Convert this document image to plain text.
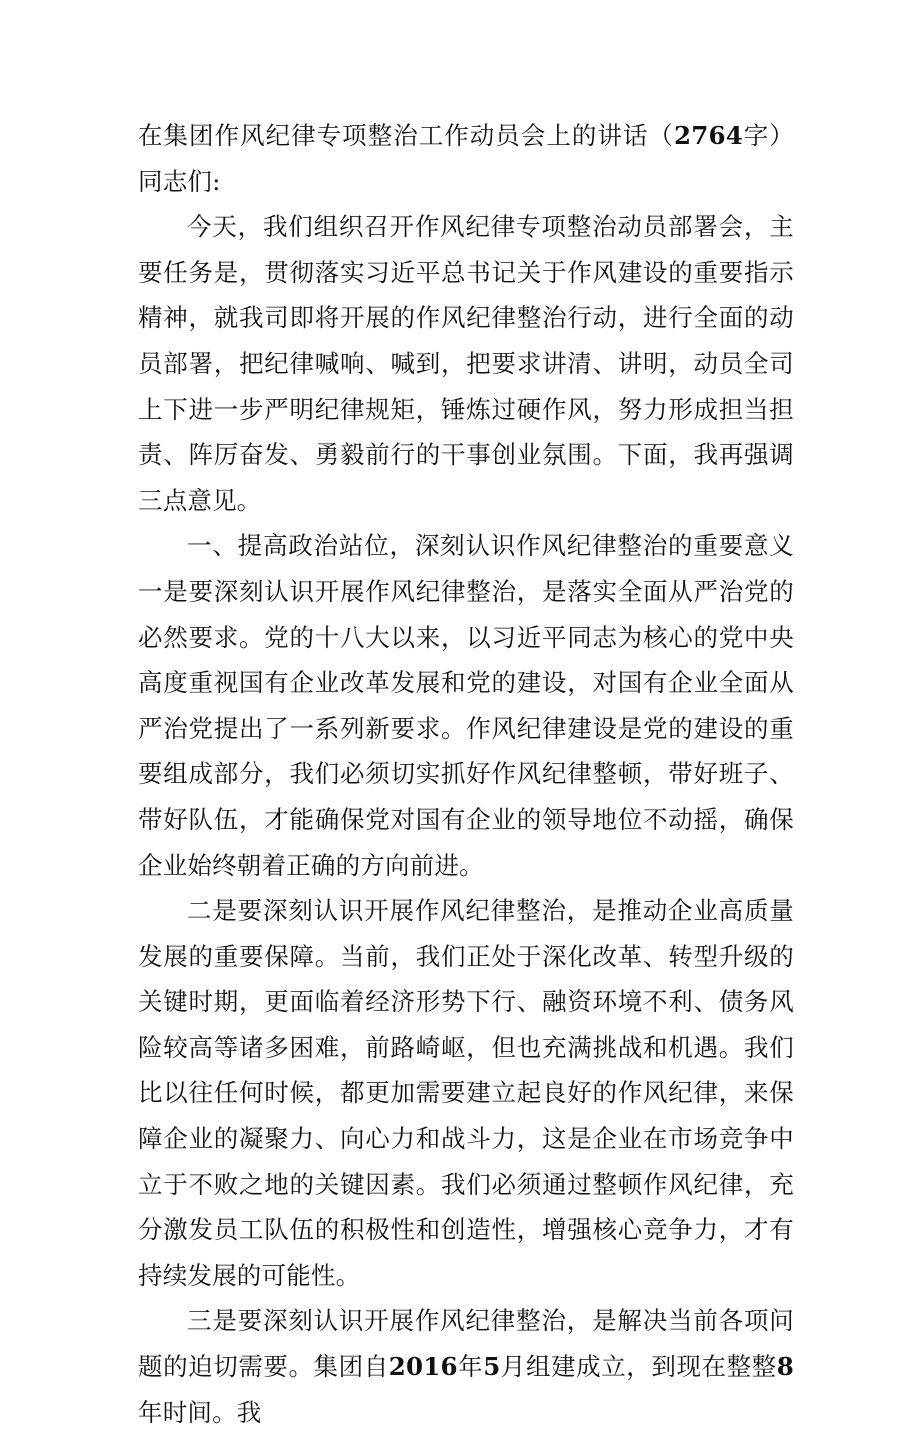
在集团作风纪律专项整治工作动员会上的讲话（2764字）同志们:

今天，我们组织召开作风纪律专项整治动员部署会，主要任务是，贯彻落实习近平总书记关于作风建设的重要指示精神，就我司即将开展的作风纪律整治行动，进行全面的动员部署，把纪律喊响、喊到，把要求讲清、讲明，动员全司上下进一步严明纪律规矩，锤炼过硬作风，努力形成担当担责、阵厉奋发、勇毅前行的干事创业氛围。下面，我再强调三点意见。

一、提高政治站位，深刻认识作风纪律整治的重要意义一是要深刻认识开展作风纪律整治，是落实全面从严治党的必然要求。党的十八大以来，以习近平同志为核心的党中央高度重视国有企业改革发展和党的建设，对国有企业全面从严治党提出了一系列新要求。作风纪律建设是党的建设的重要组成部分，我们必须切实抓好作风纪律整顿，带好班子、带好队伍，才能确保党对国有企业的领导地位不动摇，确保企业始终朝着正确的方向前进。

二是要深刻认识开展作风纪律整治，是推动企业高质量发展的重要保障。当前，我们正处于深化改革、转型升级的关键时期，更面临着经济形势下行、融资环境不利、债务风险较高等诸多困难，前路崎岖，但也充满挑战和机遇。我们比以往任何时候，都更加需要建立起良好的作风纪律，来保障企业的凝聚力、向心力和战斗力，这是企业在市场竞争中立于不败之地的关键因素。我们必须通过整顿作风纪律，充分激发员工队伍的积极性和创造性，增强核心竞争力，才有持续发展的可能性。

三是要深刻认识开展作风纪律整治，是解决当前各项问题的迫切需要。集团自2016年5月组建成立，到现在整整8年时间。我
